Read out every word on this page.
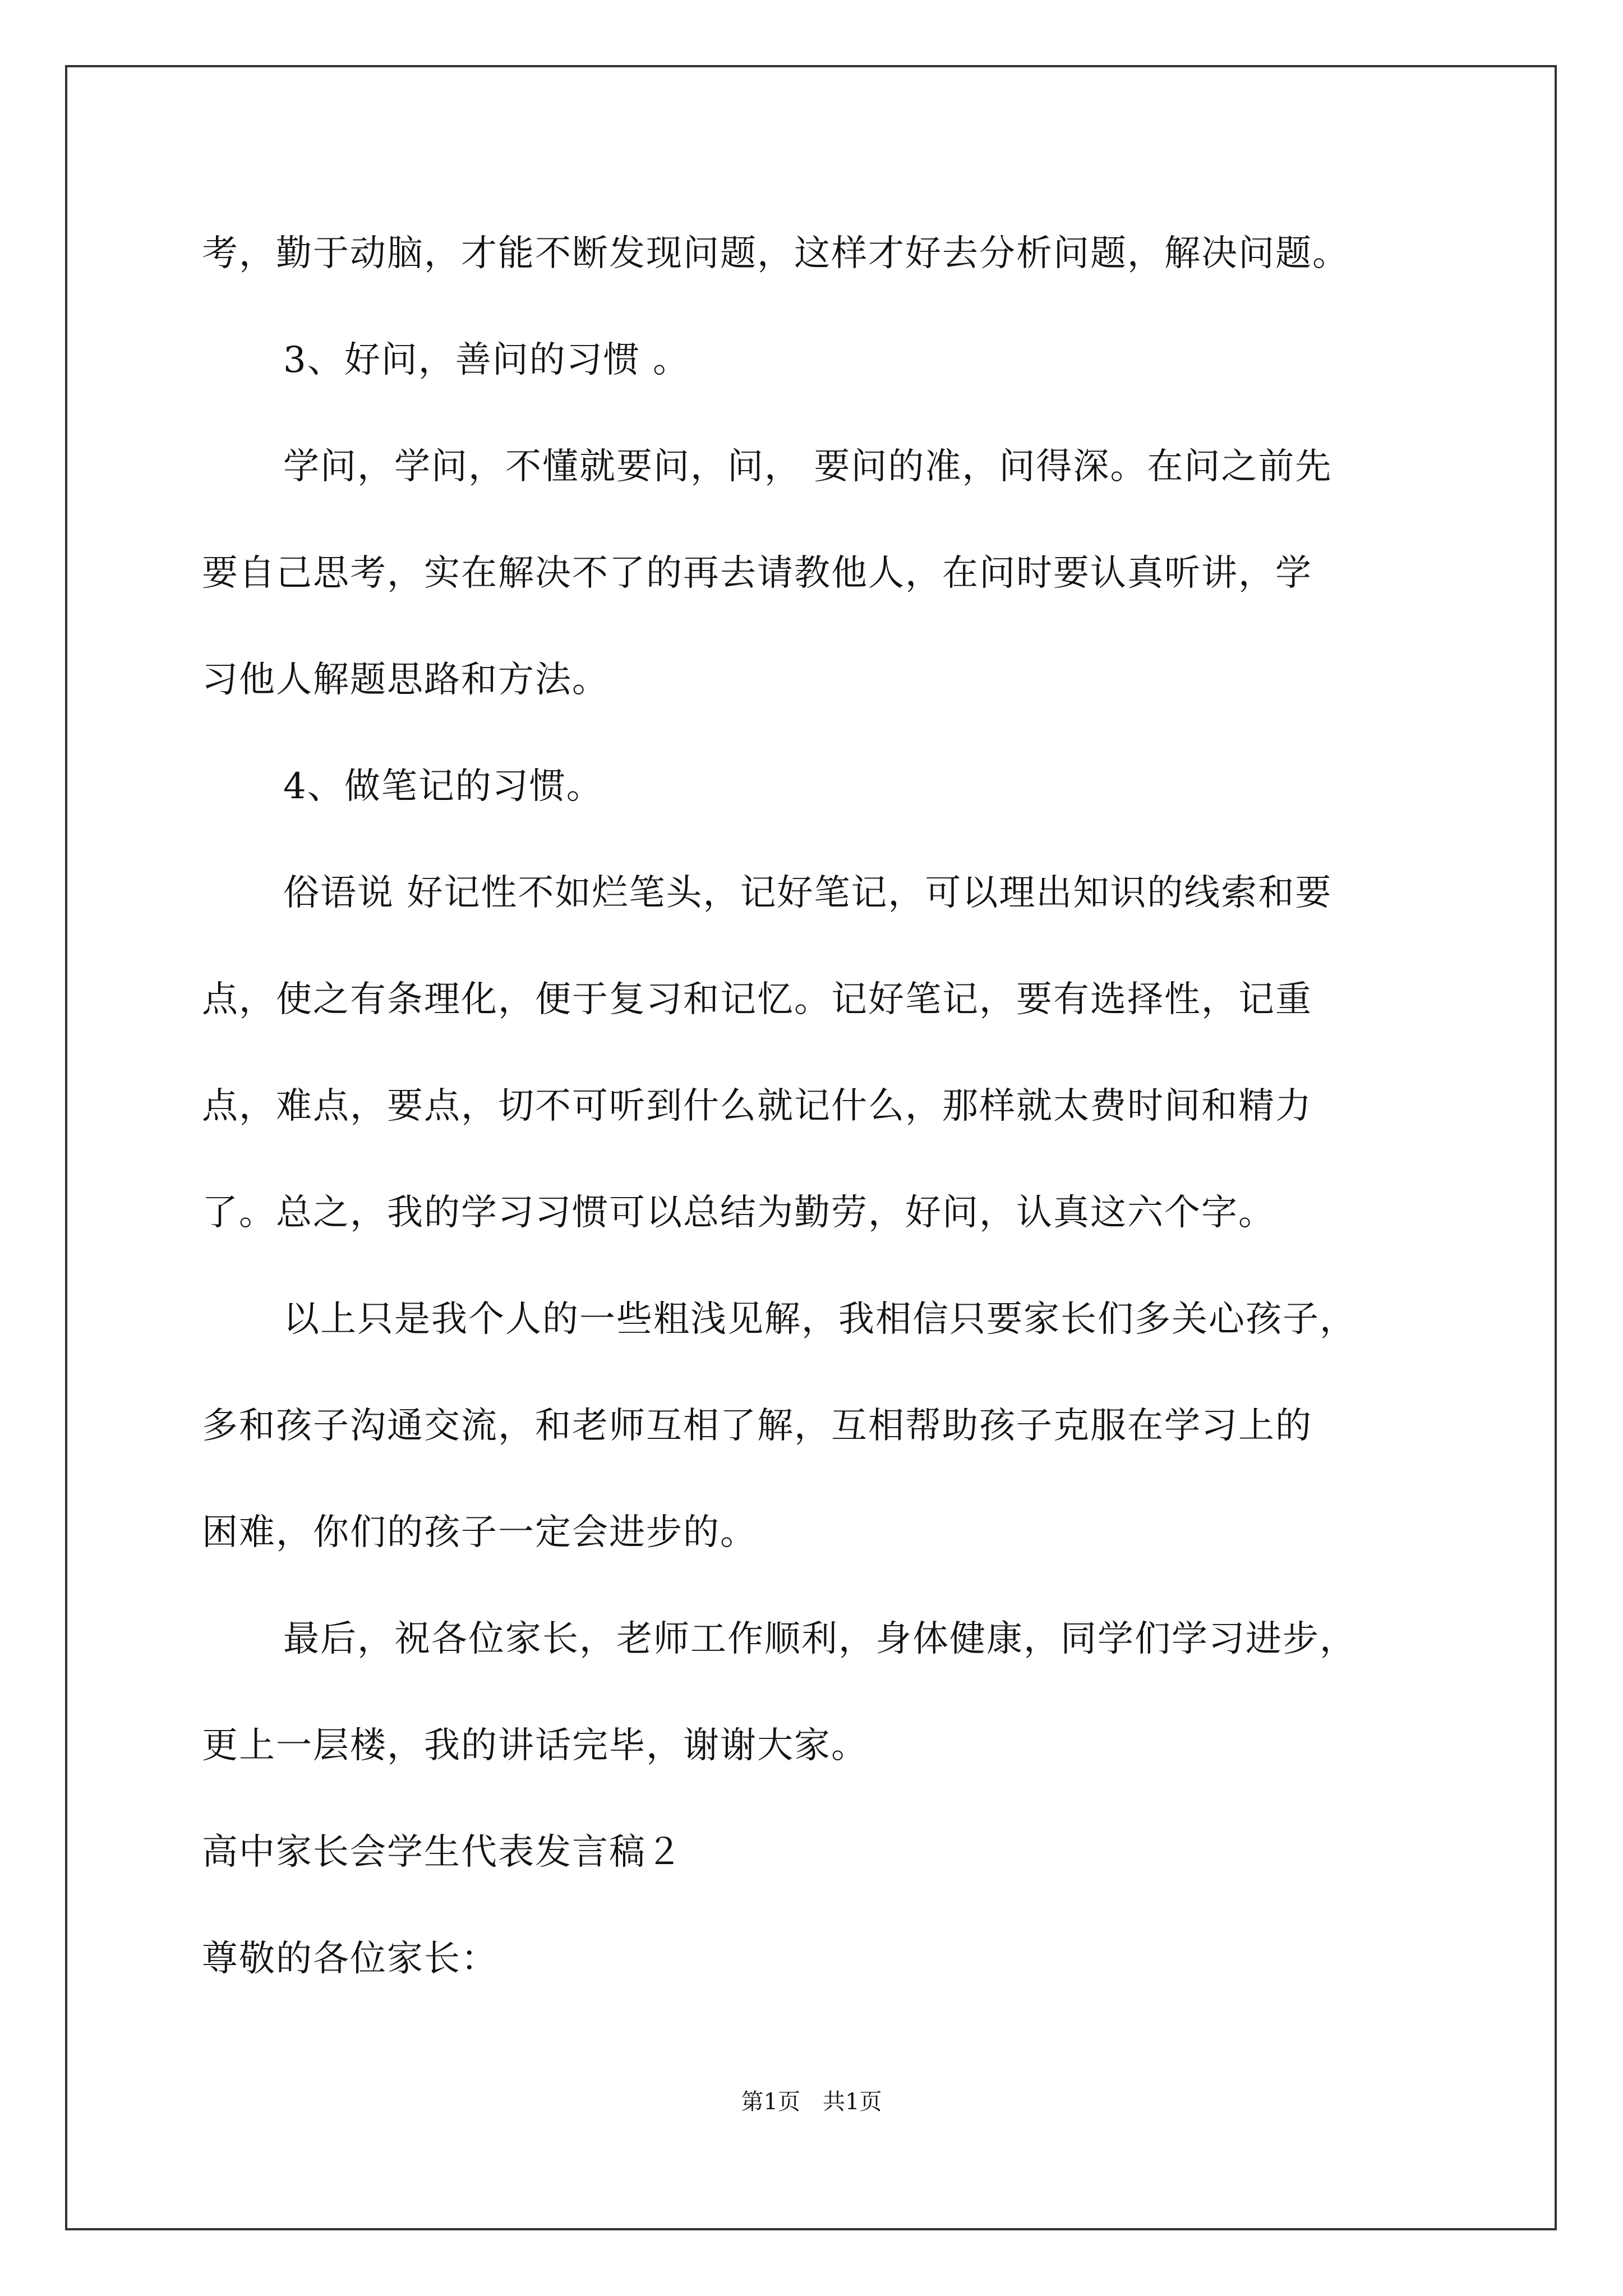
考，勤于动脑，才能不断发现问题，这样才好去分析问题，解决问题。
3、好问，善问的习惯 。
学问，学问，不懂就要问，问， 要问的准，问得深。在问之前先
要自己思考，实在解决不了的再去请教他人，在问时要认真听讲，学
习他人解题思路和方法。
4、做笔记的习惯。
俗语说 好记性不如烂笔头，记好笔记，可以理出知识的线索和要
点，使之有条理化，便于复习和记忆。记好笔记，要有选择性，记重
点，难点，要点，切不可听到什么就记什么，那样就太费时间和精力
了。总之，我的学习习惯可以总结为勤劳，好问，认真这六个字。
以上只是我个人的一些粗浅见解，我相信只要家长们多关心孩子，
多和孩子沟通交流，和老师互相了解，互相帮助孩子克服在学习上的
困难，你们的孩子一定会进步的。
最后，祝各位家长，老师工作顺利，身体健康，同学们学习进步，
更上一层楼，我的讲话完毕，谢谢大家。
高中家长会学生代表发言稿２
尊敬的各位家长：
第1页　共1页
